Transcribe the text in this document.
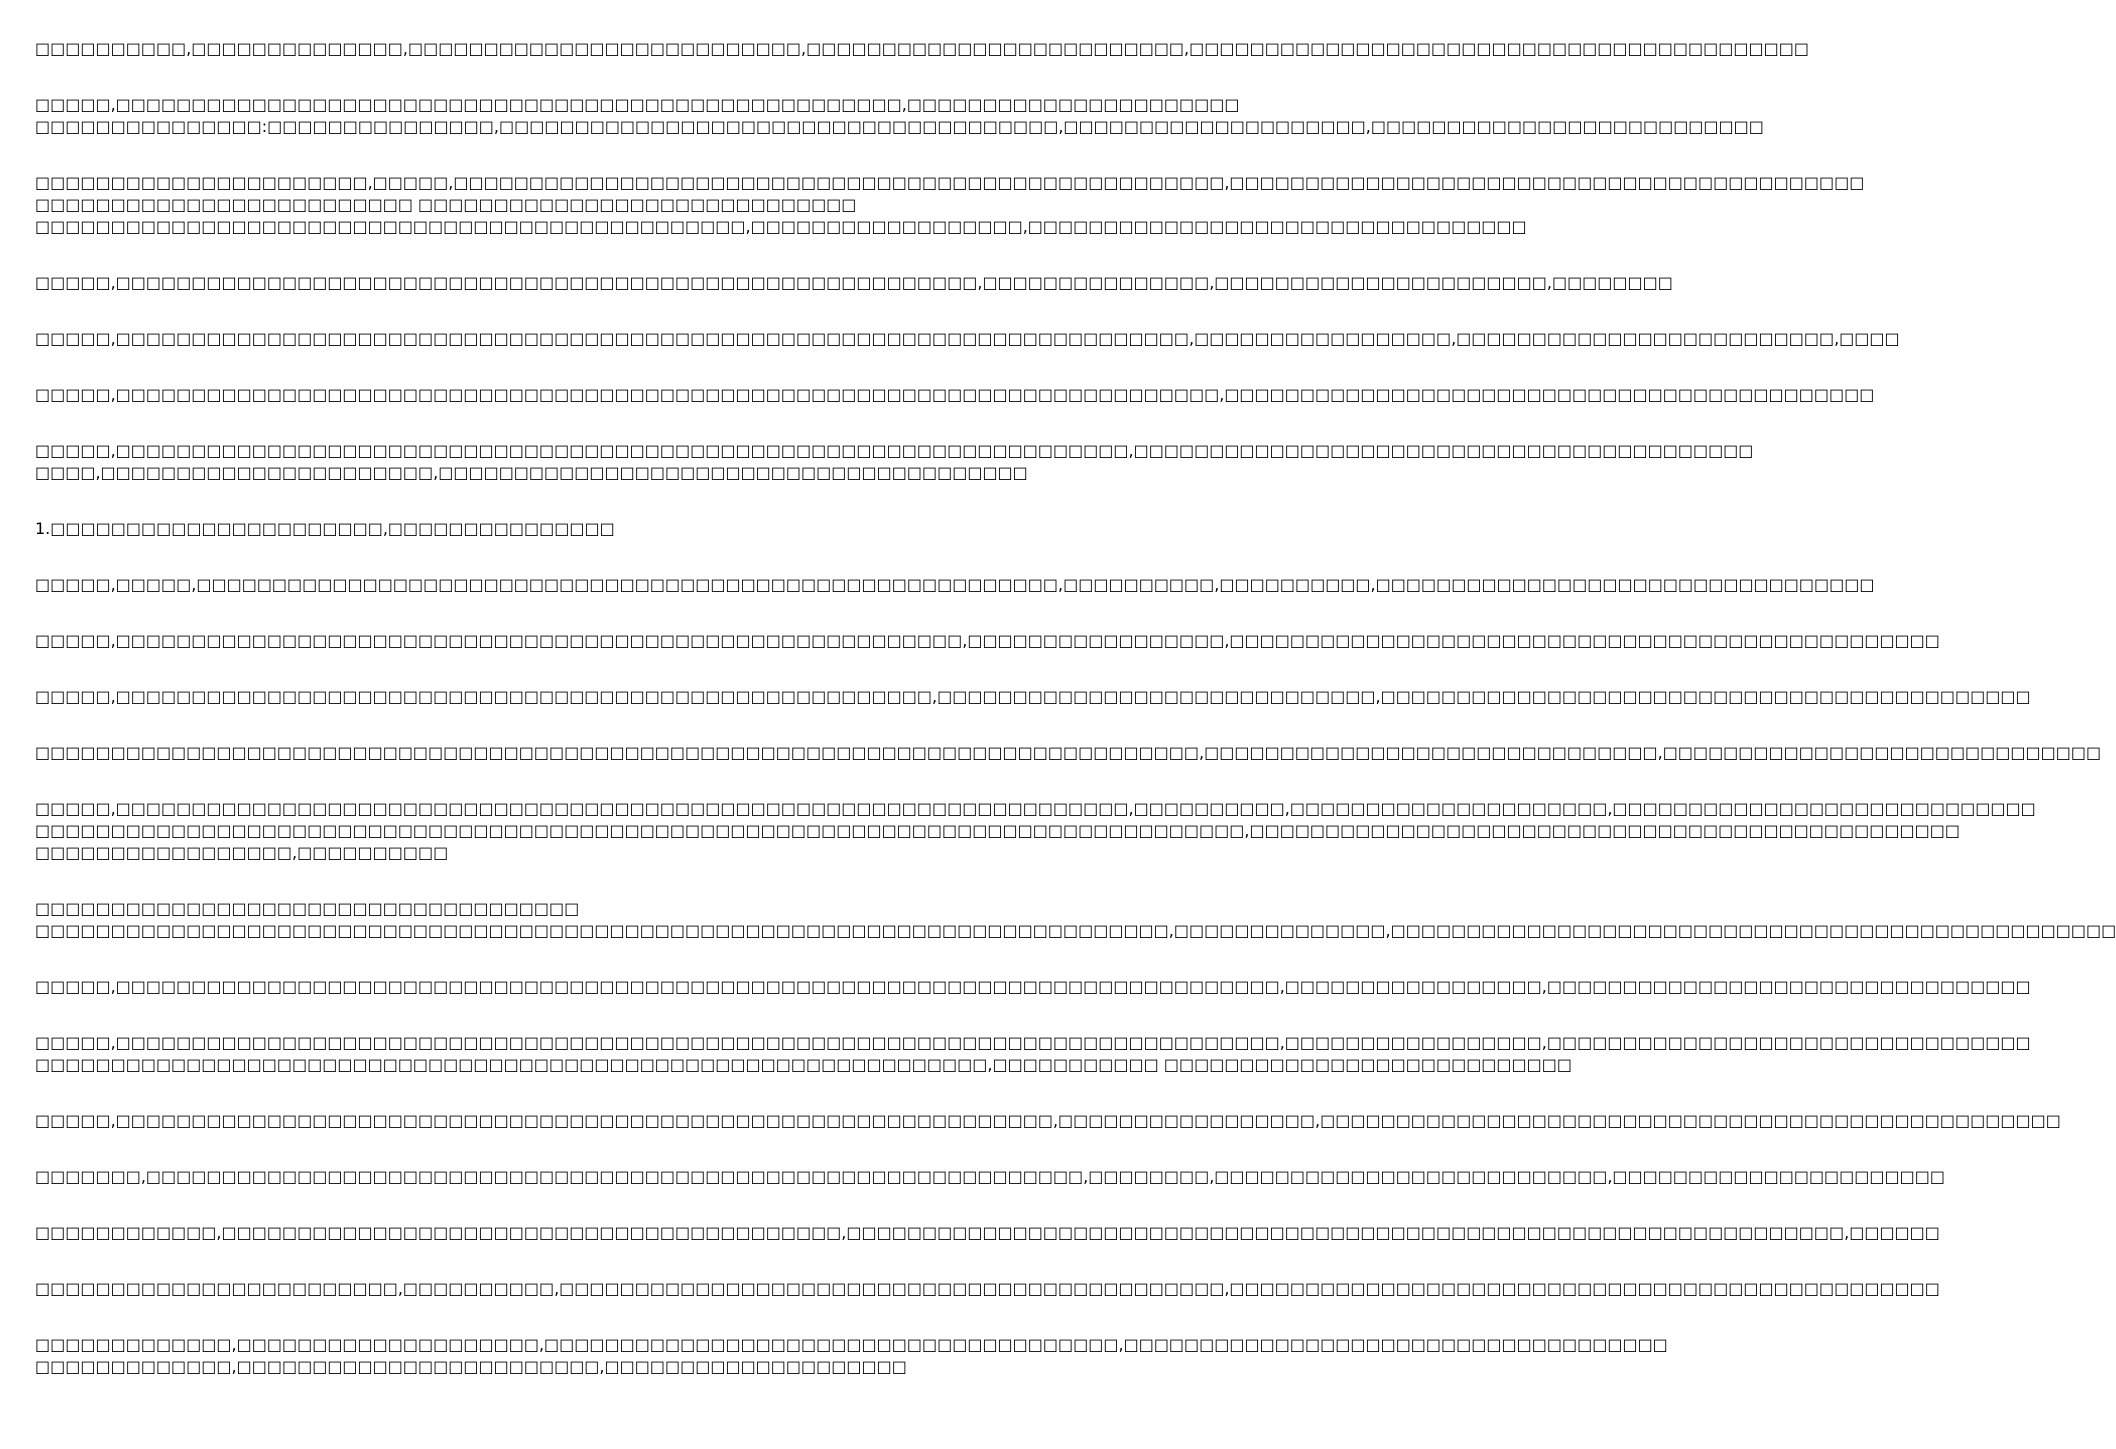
□□□□□□□□□□,□□□□□□□□□□□□□□,□□□□□□□□□□□□□□□□□□□□□□□□□□,□□□□□□□□□□□□□□□□□□□□□□□□□,□□□□□□□□□□□□□□□□□□□□□□□□□□□□□□□□□□□□□□□□□
□□□□□,□□□□□□□□□□□□□□□□□□□□□□□□□□□□□□□□□□□□□□□□□□□□□□□□□□□□,□□□□□□□□□□□□□□□□□□□□□□
□□□□□□□□□□□□□□□:□□□□□□□□□□□□□□□,□□□□□□□□□□□□□□□□□□□□□□□□□□□□□□□□□□□□□,□□□□□□□□□□□□□□□□□□□□,□□□□□□□□□□□□□□□□□□□□□□□□□□
□□□□□□□□□□□□□□□□□□□□□□,□□□□□,□□□□□□□□□□□□□□□□□□□□□□□□□□□□□□□□□□□□□□□□□□□□□□□□□□□,□□□□□□□□□□□□□□□□□□□□□□□□□□□□□□□□□□□□□□□□□□
□□□□□□□□□□□□□□□□□□□□□□□□□ □□□□□□□□□□□□□□□□□□□□□□□□□□□□□
□□□□□□□□□□□□□□□□□□□□□□□□□□□□□□□□□□□□□□□□□□□□□□□,□□□□□□□□□□□□□□□□□□,□□□□□□□□□□□□□□□□□□□□□□□□□□□□□□□□□
□□□□□,□□□□□□□□□□□□□□□□□□□□□□□□□□□□□□□□□□□□□□□□□□□□□□□□□□□□□□□□□,□□□□□□□□□□□□□□□,□□□□□□□□□□□□□□□□□□□□□□,□□□□□□□□
□□□□□,□□□□□□□□□□□□□□□□□□□□□□□□□□□□□□□□□□□□□□□□□□□□□□□□□□□□□□□□□□□□□□□□□□□□□□□,□□□□□□□□□□□□□□□□□,□□□□□□□□□□□□□□□□□□□□□□□□□,□□□□
□□□□□,□□□□□□□□□□□□□□□□□□□□□□□□□□□□□□□□□□□□□□□□□□□□□□□□□□□□□□□□□□□□□□□□□□□□□□□□□,□□□□□□□□□□□□□□□□□□□□□□□□□□□□□□□□□□□□□□□□□□□
□□□□□,□□□□□□□□□□□□□□□□□□□□□□□□□□□□□□□□□□□□□□□□□□□□□□□□□□□□□□□□□□□□□□□□□□□,□□□□□□□□□□□□□□□□□□□□□□□□□□□□□□□□□□□□□□□□□
□□□□,□□□□□□□□□□□□□□□□□□□□□□,□□□□□□□□□□□□□□□□□□□□□□□□□□□□□□□□□□□□□□□
1.□□□□□□□□□□□□□□□□□□□□□□,□□□□□□□□□□□□□□□
□□□□□,□□□□□,□□□□□□□□□□□□□□□□□□□□□□□□□□□□□□□□□□□□□□□□□□□□□□□□□□□□□□□□□,□□□□□□□□□□,□□□□□□□□□□,□□□□□□□□□□□□□□□□□□□□□□□□□□□□□□□□□
□□□□□,□□□□□□□□□□□□□□□□□□□□□□□□□□□□□□□□□□□□□□□□□□□□□□□□□□□□□□□□,□□□□□□□□□□□□□□□□□,□□□□□□□□□□□□□□□□□□□□□□□□□□□□□□□□□□□□□□□□□□□□□□□
□□□□□,□□□□□□□□□□□□□□□□□□□□□□□□□□□□□□□□□□□□□□□□□□□□□□□□□□□□□□,□□□□□□□□□□□□□□□□□□□□□□□□□□□□□,□□□□□□□□□□□□□□□□□□□□□□□□□□□□□□□□□□□□□□□□□□□
□□□□□□□□□□□□□□□□□□□□□□□□□□□□□□□□□□□□□□□□□□□□□□□□□□□□□□□□□□□□□□□□□□□□□□□□□□□□□,□□□□□□□□□□□□□□□□□□□□□□□□□□□□□□,□□□□□□□□□□□□□□□□□□□□□□□□□□□□□
□□□□□,□□□□□□□□□□□□□□□□□□□□□□□□□□□□□□□□□□□□□□□□□□□□□□□□□□□□□□□□□□□□□□□□□□□,□□□□□□□□□□,□□□□□□□□□□□□□□□□□□□□□,□□□□□□□□□□□□□□□□□□□□□□□□□□□□
□□□□□□□□□□□□□□□□□□□□□□□□□□□□□□□□□□□□□□□□□□□□□□□□□□□□□□□□□□□□□□□□□□□□□□□□□□□□□□□□,□□□□□□□□□□□□□□□□□□□□□□□□□□□□□□□□□□□□□□□□□□□□□□□
□□□□□□□□□□□□□□□□□,□□□□□□□□□□
□□□□□□□□□□□□□□□□□□□□□□□□□□□□□□□□□□□□
□□□□□□□□□□□□□□□□□□□□□□□□□□□□□□□□□□□□□□□□□□□□□□□□□□□□□□□□□□□□□□□□□□□□□□□□□□□,□□□□□□□□□□□□□□,□□□□□□□□□□□□□□□□□□□□□□□□□□□□□□□□□□□□□□□□□□□□□□□□
□□□□□,□□□□□□□□□□□□□□□□□□□□□□□□□□□□□□□□□□□□□□□□□□□□□□□□□□□□□□□□□□□□□□□□□□□□□□□□□□□□□,□□□□□□□□□□□□□□□□□,□□□□□□□□□□□□□□□□□□□□□□□□□□□□□□□□
□□□□□,□□□□□□□□□□□□□□□□□□□□□□□□□□□□□□□□□□□□□□□□□□□□□□□□□□□□□□□□□□□□□□□□□□□□□□□□□□□□□,□□□□□□□□□□□□□□□□□,□□□□□□□□□□□□□□□□□□□□□□□□□□□□□□□□
□□□□□□□□□□□□□□□□□□□□□□□□□□□□□□□□□□□□□□□□□□□□□□□□□□□□□□□□□□□□□□□,□□□□□□□□□□□ □□□□□□□□□□□□□□□□□□□□□□□□□□□
□□□□□,□□□□□□□□□□□□□□□□□□□□□□□□□□□□□□□□□□□□□□□□□□□□□□□□□□□□□□□□□□□□□□,□□□□□□□□□□□□□□□□□,□□□□□□□□□□□□□□□□□□□□□□□□□□□□□□□□□□□□□□□□□□□□□□□□□
□□□□□□□,□□□□□□□□□□□□□□□□□□□□□□□□□□□□□□□□□□□□□□□□□□□□□□□□□□□□□□□□□□□□□□,□□□□□□□□,□□□□□□□□□□□□□□□□□□□□□□□□□□,□□□□□□□□□□□□□□□□□□□□□□
□□□□□□□□□□□□,□□□□□□□□□□□□□□□□□□□□□□□□□□□□□□□□□□□□□□□□□,□□□□□□□□□□□□□□□□□□□□□□□□□□□□□□□□□□□□□□□□□□□□□□□□□□□□□□□□□□□□□□□□□□,□□□□□□
□□□□□□□□□□□□□□□□□□□□□□□□,□□□□□□□□□□,□□□□□□□□□□□□□□□□□□□□□□□□□□□□□□□□□□□□□□□□□□□□,□□□□□□□□□□□□□□□□□□□□□□□□□□□□□□□□□□□□□□□□□□□□□□□
□□□□□□□□□□□□□,□□□□□□□□□□□□□□□□□□□□,□□□□□□□□□□□□□□□□□□□□□□□□□□□□□□□□□□□□□□,□□□□□□□□□□□□□□□□□□□□□□□□□□□□□□□□□□□□
□□□□□□□□□□□□□,□□□□□□□□□□□□□□□□□□□□□□□□,□□□□□□□□□□□□□□□□□□□□
